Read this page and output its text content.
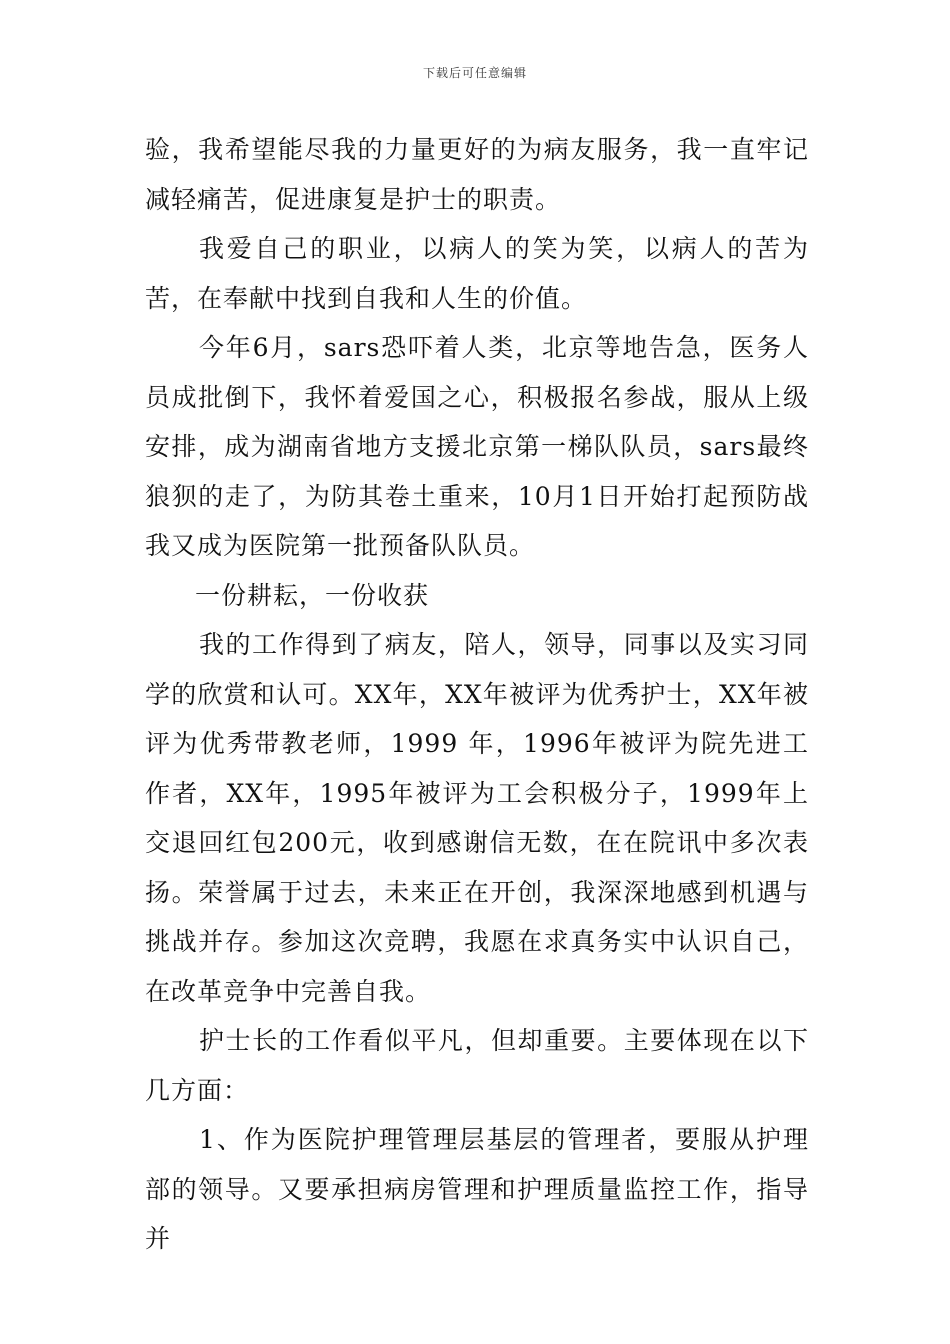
下载后可任意编辑

验，我希望能尽我的力量更好的为病友服务，我一直牢记减轻痛苦，促进康复是护士的职责。

我爱自己的职业，以病人的笑为笑，以病人的苦为苦，在奉献中找到自我和人生的价值。

今年6月，sars恐吓着人类，北京等地告急，医务人员成批倒下，我怀着爱国之心，积极报名参战，服从上级安排，成为湖南省地方支援北京第一梯队队员，sars最终狼狈的走了，为防其卷土重来，10月1日开始打起预防战我又成为医院第一批预备队队员。

一份耕耘，一份收获

我的工作得到了病友，陪人，领导，同事以及实习同学的欣赏和认可。XX年，XX年被评为优秀护士，XX年被评为优秀带教老师，1999 年，1996年被评为院先进工作者，XX年，1995年被评为工会积极分子，1999年上交退回红包200元，收到感谢信无数，在在院讯中多次表扬。荣誉属于过去，未来正在开创，我深深地感到机遇与挑战并存。参加这次竞聘，我愿在求真务实中认识自己，在改革竞争中完善自我。

护士长的工作看似平凡，但却重要。主要体现在以下几方面：

1、作为医院护理管理层基层的管理者，要服从护理部的领导。又要承担病房管理和护理质量监控工作，指导并
